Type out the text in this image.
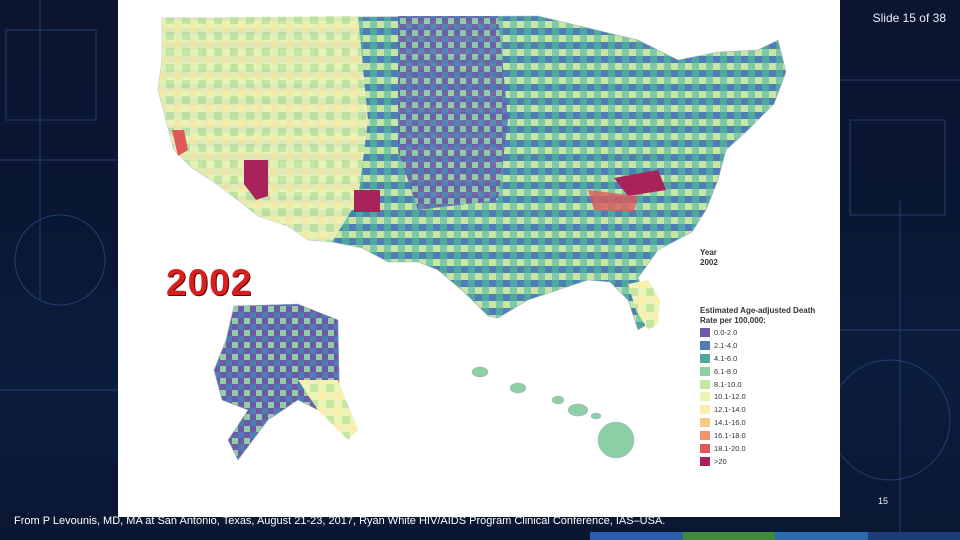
Slide 15 of 38
2002
Year
2002
Estimated Age-adjusted Death Rate per 100,000:
0.0-2.0
2.1-4.0
4.1-6.0
6.1-8.0
8.1-10.0
10.1-12.0
12.1-14.0
14.1-16.0
16.1-18.0
18.1-20.0
>20
15
From P Levounis, MD, MA at San Antonio, Texas, August 21-23, 2017, Ryan White HIV/AIDS Program Clinical Conference, IAS–USA.
